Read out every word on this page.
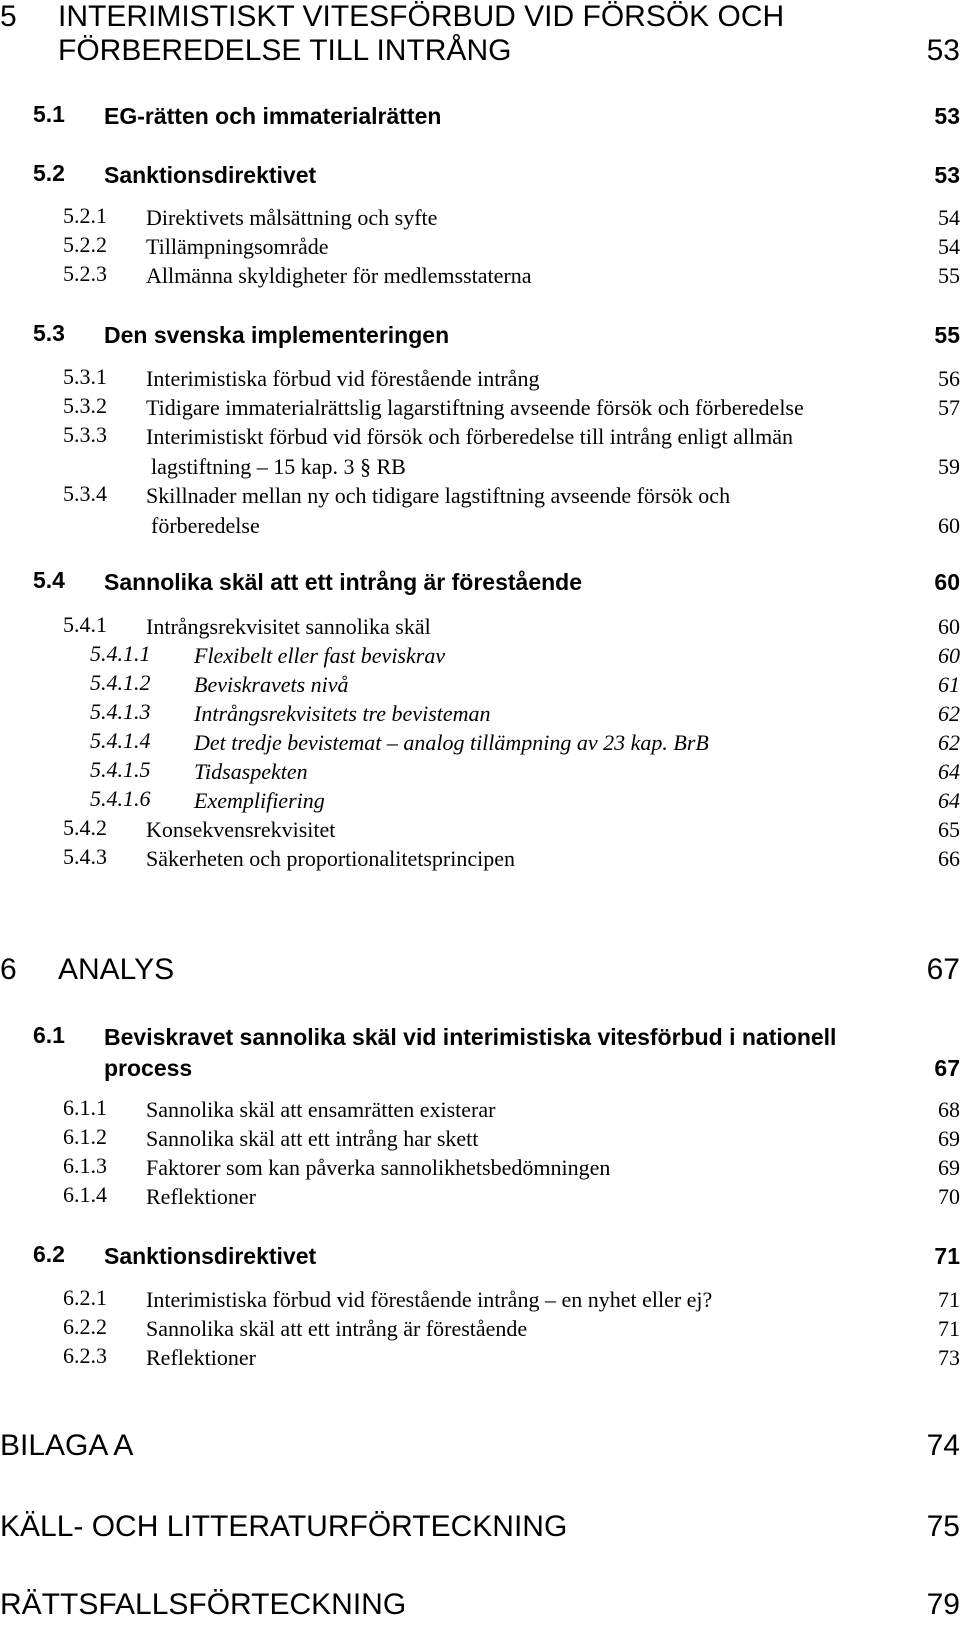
5 INTERIMISTISKT VITESFÖRBUD VID FÖRSÖK OCH
FÖRBEREDELSE TILL INTRÅNG	53
5.1 EG-rätten och immaterialrätten	53
5.2 Sanktionsdirektivet	53
5.2.1 Direktivets målsättning och syfte	54
5.2.2 Tillämpningsområde	54
5.2.3 Allmänna skyldigheter för medlemsstaterna	55
5.3 Den svenska implementeringen	55
5.3.1 Interimistiska förbud vid förestående intrång	56
5.3.2 Tidigare immaterialrättslig lagarstiftning avseende försök och förberedelse	57
5.3.3 Interimistiskt förbud vid försök och förberedelse till intrång enligt allmän
lagstiftning – 15 kap. 3 § RB	59
5.3.4 Skillnader mellan ny och tidigare lagstiftning avseende försök och
förberedelse	60
5.4 Sannolika skäl att ett intrång är förestående	60
5.4.1 Intrångsrekvisitet sannolika skäl	60
5.4.1.1 Flexibelt eller fast beviskrav	60
5.4.1.2 Beviskravets nivå	61
5.4.1.3 Intrångsrekvisitets tre bevisteman	62
5.4.1.4 Det tredje bevistemat – analog tillämpning av 23 kap. BrB	62
5.4.1.5 Tidsaspekten	64
5.4.1.6 Exemplifiering	64
5.4.2 Konsekvensrekvisitet	65
5.4.3 Säkerheten och proportionalitetsprincipen	66
6 ANALYS	67
6.1 Beviskravet sannolika skäl vid interimistiska vitesförbud i nationell
process	67
6.1.1 Sannolika skäl att ensamrätten existerar	68
6.1.2 Sannolika skäl att ett intrång har skett	69
6.1.3 Faktorer som kan påverka sannolikhetsbedömningen	69
6.1.4 Reflektioner	70
6.2 Sanktionsdirektivet	71
6.2.1 Interimistiska förbud vid förestående intrång – en nyhet eller ej?	71
6.2.2 Sannolika skäl att ett intrång är förestående	71
6.2.3 Reflektioner	73
BILAGA A	74
KÄLL- OCH LITTERATURFÖRTECKNING	75
RÄTTSFALLSFÖRTECKNING	79
